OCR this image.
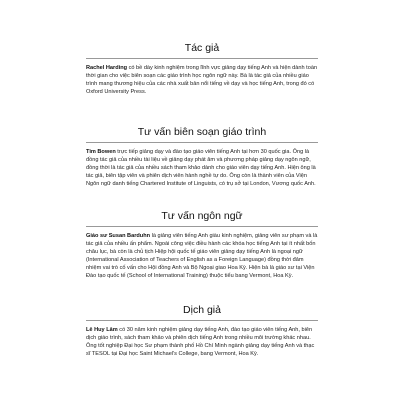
Tác giả

Rachel Harding có bề dày kinh nghiệm trong lĩnh vực giảng dạy tiếng Anh và hiện dành toàn thời gian cho việc biên soạn các giáo trình học ngôn ngữ này. Bà là tác giả của nhiều giáo trình mang thương hiệu của các nhà xuất bản nổi tiếng về dạy và học tiếng Anh, trong đó có Oxford University Press.

Tư vấn biên soạn giáo trình

Tim Bowen trực tiếp giảng dạy và đào tạo giáo viên tiếng Anh tại hơn 30 quốc gia. Ông là đồng tác giả của nhiều tài liệu về giảng dạy phát âm và phương pháp giảng dạy ngôn ngữ, đồng thời là tác giả của nhiều sách tham khảo dành cho giáo viên dạy tiếng Anh. Hiện ông là tác giả, biên tập viên và phiên dịch viên hành nghề tự do. Ông còn là thành viên của Viện Ngôn ngữ danh tiếng Chartered Institute of Linguists, có trụ sở tại London, Vương quốc Anh.

Tư vấn ngôn ngữ

Giáo sư Susan Barduhn là giảng viên tiếng Anh giàu kinh nghiệm, giảng viên sư phạm và là tác giả của nhiều ấn phẩm. Ngoài công việc điều hành các khóa học tiếng Anh tại ít nhất bốn châu lục, bà còn là chủ tịch Hiệp hội quốc tế giáo viên giảng dạy tiếng Anh là ngoại ngữ (International Association of Teachers of English as a Foreign Language) đồng thời đảm nhiệm vai trò cố vấn cho Hội đồng Anh và Bộ Ngoại giao Hoa Kỳ. Hiện bà là giáo sư tại Viện Đào tạo quốc tế (School of International Training) thuộc tiểu bang Vermont, Hoa Kỳ.

Dịch giả

Lê Huy Lâm có 30 năm kinh nghiệm giảng dạy tiếng Anh, đào tạo giáo viên tiếng Anh, biên dịch giáo trình, sách tham khảo và phiên dịch tiếng Anh trong nhiều môi trường khác nhau. Ông tốt nghiệp Đại học Sư phạm thành phố Hồ Chí Minh ngành giảng dạy tiếng Anh và thạc sĩ TESOL tại Đại học Saint Michael's College, bang Vermont, Hoa Kỳ.
